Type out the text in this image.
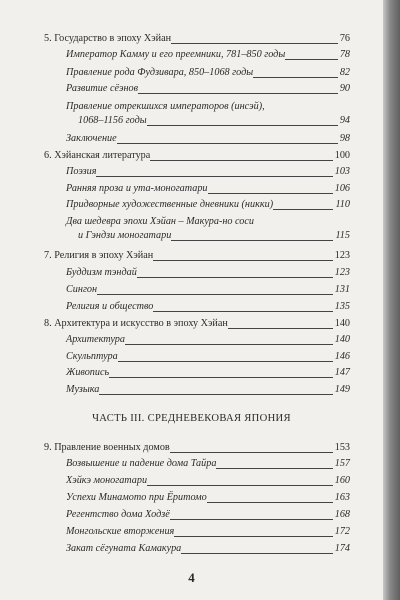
5. Государство в эпоху Хэйан	76
Император Камму и его преемники, 781–850 годы	78
Правление рода Фудзивара, 850–1068 годы	82
Развитие сёэнов	90
Правление отрекшихся императоров (инсэй),
1068–1156 годы	94
Заключение	98
6. Хэйанская литература	100
Поэзия	103
Ранняя проза и ута-моногатари	106
Придворные художественные дневники (никки)	110
Два шедевра эпохи Хэйан – Макура-но соси
и Гэндзи моногатари	115
7. Религия в эпоху Хэйан	123
Буддизм тэндай	123
Сингон	131
Религия и общество	135
8. Архитектура и искусство в эпоху Хэйан	140
Архитектура	140
Скульптура	146
Живопись	147
Музыка	149
ЧАСТЬ III. СРЕДНЕВЕКОВАЯ ЯПОНИЯ
9. Правление военных домов	153
Возвышение и падение дома Тайра	157
Хэйкэ моногатари	160
Успехи Минамото при Ёритомо	163
Регентство дома Ходзё	168
Монгольские вторжения	172
Закат сёгуната Камакура	174
4
